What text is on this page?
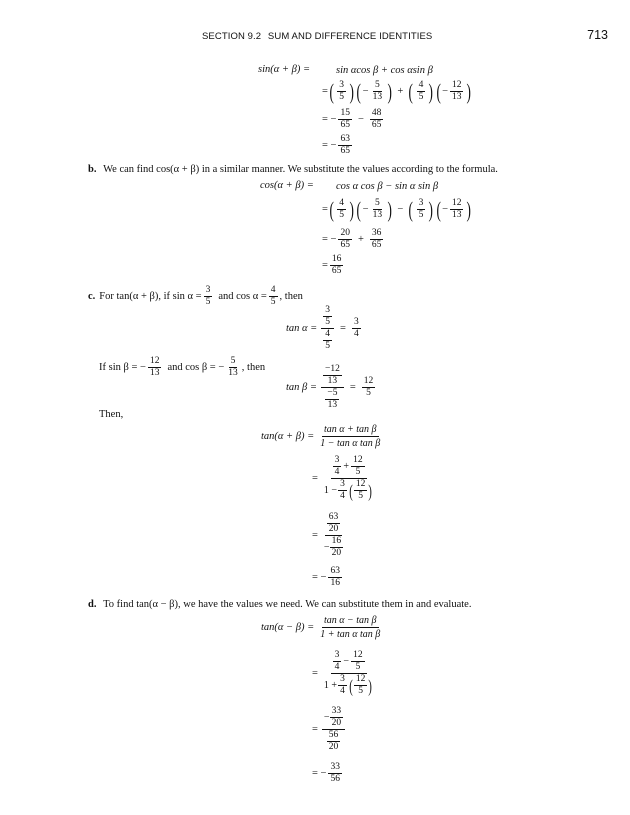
SECTION 9.2 SUM AND DIFFERENCE IDENTITIES	713
sin(α + β) = sin αcos β + cos αsin β
= ( 3
5 ) ( − $\frac{5}{13}$ ) + ( 4
5 ) ( − $\frac{12}{13}$ )
= − $\frac{15}{65}$ −
48
65
= − $\frac{63}{65}$
b. We can find cos(α + β) in a similar manner. We substitute the values according to the formula.
cos(α + β) = cos α cos β − sin α sin β
= ( 4
5 ) ( − $\frac{5}{13}$ ) − ( 3
5 ) ( − $\frac{12}{13}$ )
= − $\frac{20}{65}$ +
36
65
= $\frac{16}{65}$
c. For tan(α + β), if $\sin \alpha = \frac{3}{5}$ and $\cos \alpha = \frac{4}{5}$ , then
$\tan \alpha = \frac{\frac{3}{5}}{\frac{4}{5}} = \frac{3}{4}$
If sin β = − $\frac{12}{13}$ and cos β = − $\frac{5}{13}$ , then
$\tan \beta = \frac{\frac{-12}{13}}{\frac{-5}{13}} = \frac{12}{5}$
Then,
$\tan(\alpha + \beta) = \frac{\text{tan α + tan β}}{\text{1 − tan α tan β}}$
= 3
$4 + \frac{12}{5}$
$1 - \frac{3}{4}$ ( 12
5 )
= $\frac{\frac{63}{20}}{- \frac{16}{20}}$
= − $\frac{63}{16}$
d. To find tan(α − β), we have the values we need. We can substitute them in and evaluate.
$\tan(\alpha - \beta) = \frac{\text{tan α − tan β}}{\text{1 + tan α tan β}}$
= 3
$4 - \frac{12}{5}$
$1 + \frac{3}{4}$ ( 12
5 )
= $\frac{- \frac{33}{20}}{\frac{56}{20}}$
= − $\frac{33}{56}$
